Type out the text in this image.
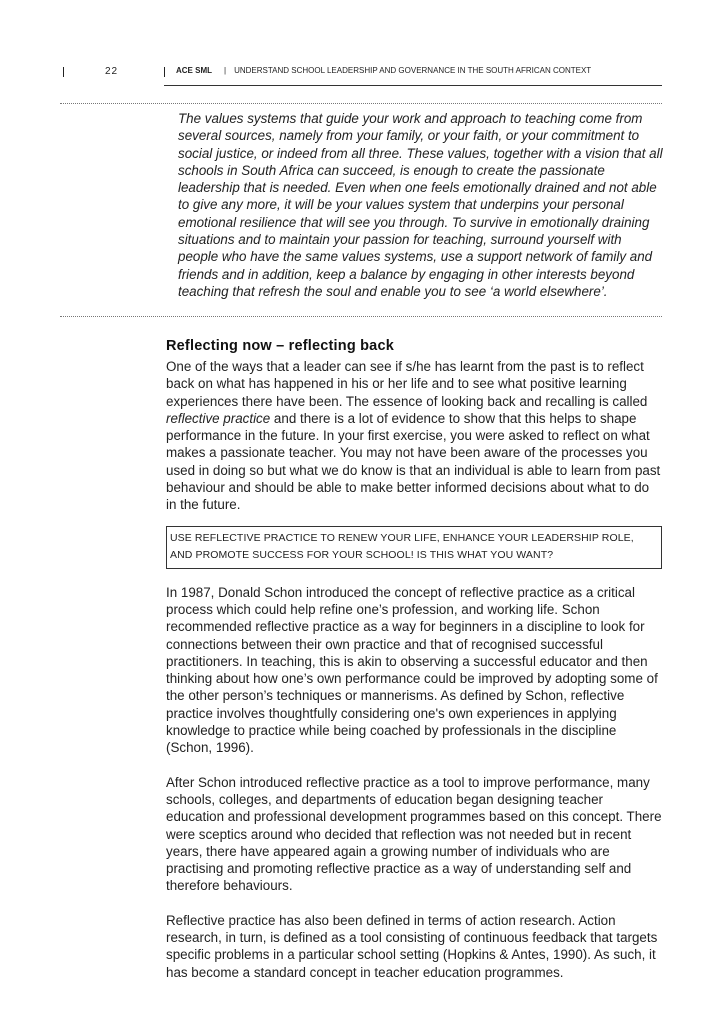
22	ACE SML | UNDERSTAND SCHOOL LEADERSHIP AND GOVERNANCE IN THE SOUTH AFRICAN CONTEXT

The values systems that guide your work and approach to teaching come from several sources, namely from your family, or your faith, or your commitment to social justice, or indeed from all three. These values, together with a vision that all schools in South Africa can succeed, is enough to create the passionate leadership that is needed. Even when one feels emotionally drained and not able to give any more, it will be your values system that underpins your personal emotional resilience that will see you through. To survive in emotionally draining situations and to maintain your passion for teaching, surround yourself with people who have the same values systems, use a support network of family and friends and in addition, keep a balance by engaging in other interests beyond teaching that refresh the soul and enable you to see ‘a world elsewhere’.

Reflecting now – reflecting back

One of the ways that a leader can see if s/he has learnt from the past is to reflect back on what has happened in his or her life and to see what positive learning experiences there have been. The essence of looking back and recalling is called reflective practice and there is a lot of evidence to show that this helps to shape performance in the future. In your first exercise, you were asked to reflect on what makes a passionate teacher. You may not have been aware of the processes you used in doing so but what we do know is that an individual is able to learn from past behaviour and should be able to make better informed decisions about what to do in the future.

USE REFLECTIVE PRACTICE TO RENEW YOUR LIFE, ENHANCE YOUR LEADERSHIP ROLE, AND PROMOTE SUCCESS FOR YOUR SCHOOL! IS THIS WHAT YOU WANT?

In 1987, Donald Schon introduced the concept of reflective practice as a critical process which could help refine one’s profession, and working life. Schon recommended reflective practice as a way for beginners in a discipline to look for connections between their own practice and that of recognised successful practitioners. In teaching, this is akin to observing a successful educator and then thinking about how one’s own performance could be improved by adopting some of the other person’s techniques or mannerisms. As defined by Schon, reflective practice involves thoughtfully considering one's own experiences in applying knowledge to practice while being coached by professionals in the discipline (Schon, 1996).

After Schon introduced reflective practice as a tool to improve performance, many schools, colleges, and departments of education began designing teacher education and professional development programmes based on this concept. There were sceptics around who decided that reflection was not needed but in recent years, there have appeared again a growing number of individuals who are practising and promoting reflective practice as a way of understanding self and therefore behaviours.

Reflective practice has also been defined in terms of action research. Action research, in turn, is defined as a tool consisting of continuous feedback that targets specific problems in a particular school setting (Hopkins & Antes, 1990). As such, it has become a standard concept in teacher education programmes.
